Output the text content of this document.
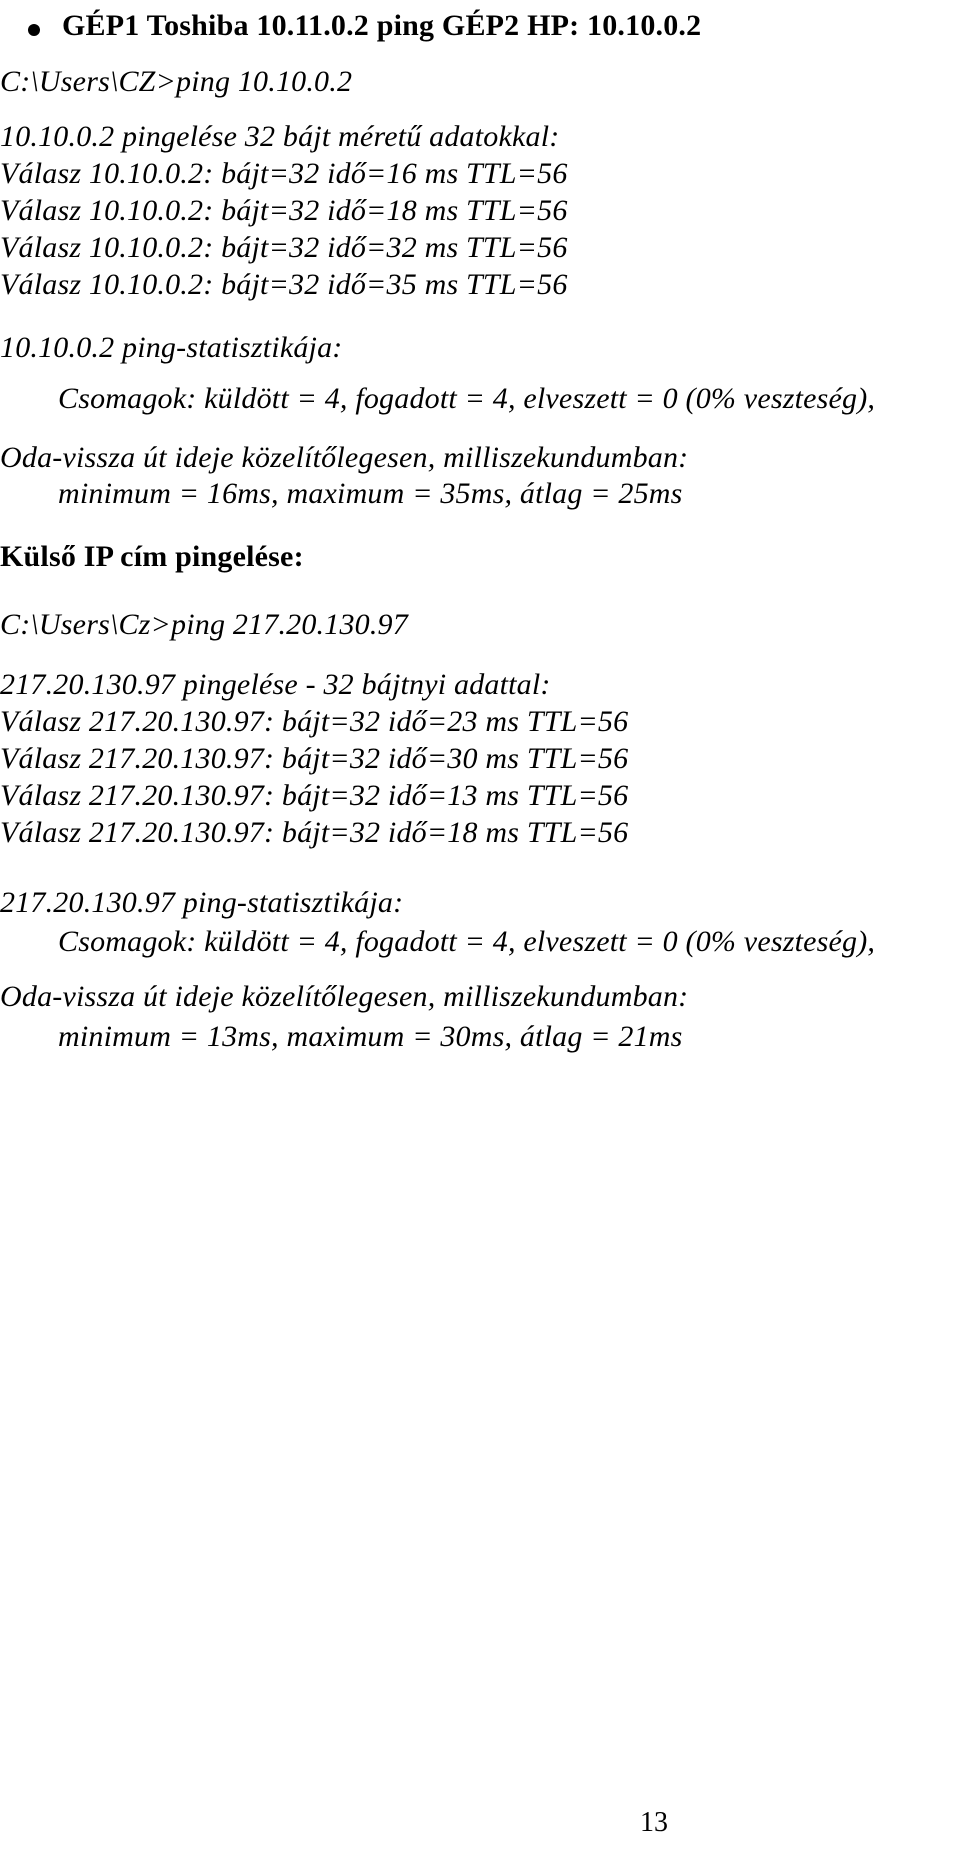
GÉP1 Toshiba 10.11.0.2 ping GÉP2 HP: 10.10.0.2
C:\Users\CZ>ping 10.10.0.2
10.10.0.2 pingelése 32 bájt méretű adatokkal:
Válasz 10.10.0.2: bájt=32 idő=16 ms TTL=56
Válasz 10.10.0.2: bájt=32 idő=18 ms TTL=56
Válasz 10.10.0.2: bájt=32 idő=32 ms TTL=56
Válasz 10.10.0.2: bájt=32 idő=35 ms TTL=56
10.10.0.2 ping-statisztikája:
Csomagok: küldött = 4, fogadott = 4, elveszett = 0 (0% veszteség),
Oda-vissza út ideje közelítőlegesen, milliszekundumban:
minimum = 16ms, maximum = 35ms, átlag = 25ms
Külső IP cím pingelése:
C:\Users\Cz>ping 217.20.130.97
217.20.130.97 pingelése - 32 bájtnyi adattal:
Válasz 217.20.130.97: bájt=32 idő=23 ms TTL=56
Válasz 217.20.130.97: bájt=32 idő=30 ms TTL=56
Válasz 217.20.130.97: bájt=32 idő=13 ms TTL=56
Válasz 217.20.130.97: bájt=32 idő=18 ms TTL=56
217.20.130.97 ping-statisztikája:
Csomagok: küldött = 4, fogadott = 4, elveszett = 0 (0% veszteség),
Oda-vissza út ideje közelítőlegesen, milliszekundumban:
minimum = 13ms, maximum = 30ms, átlag = 21ms
13
